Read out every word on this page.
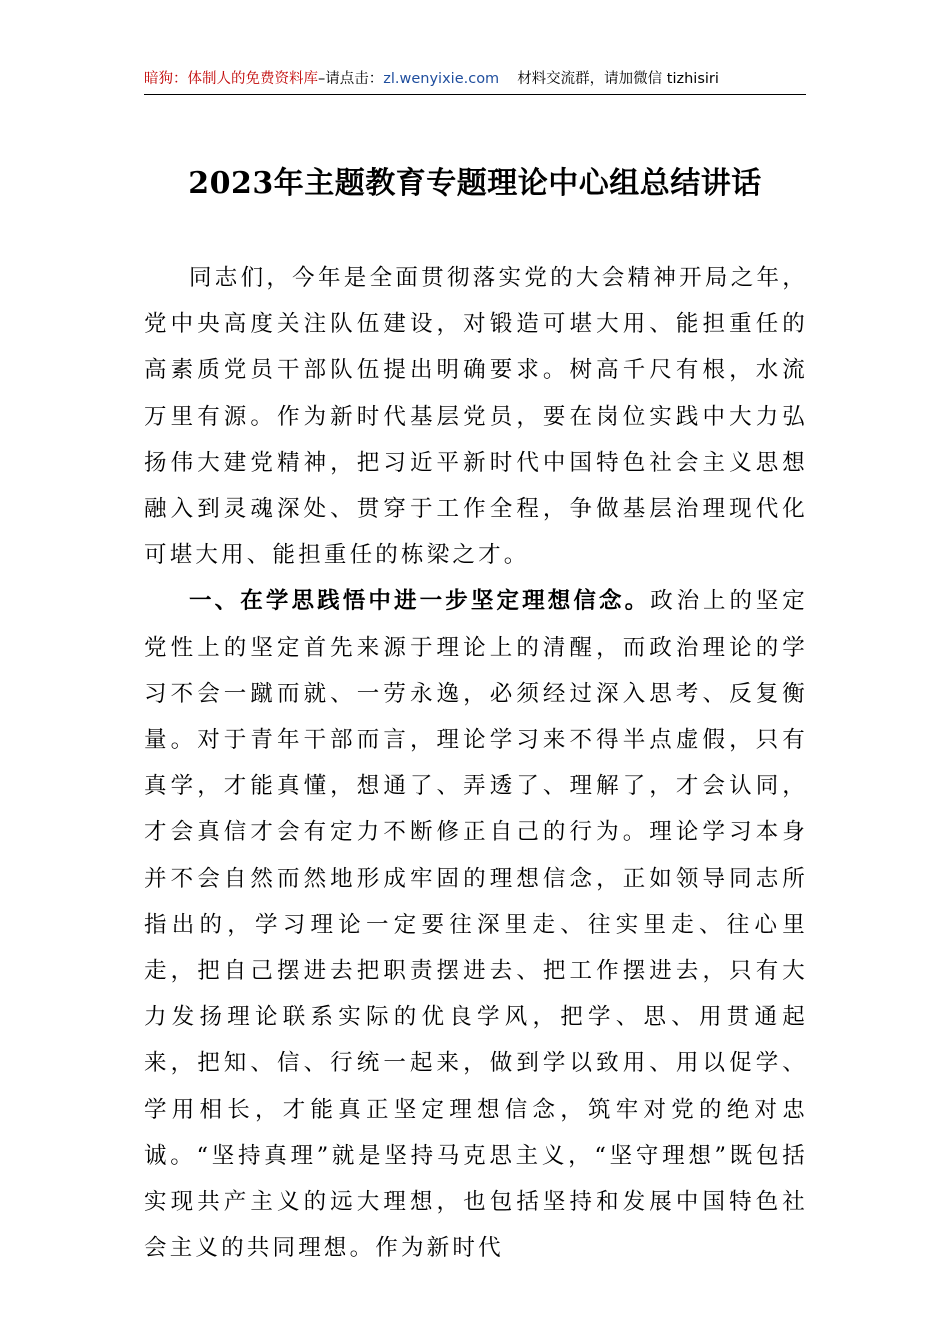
暗狗：体制人的免费资料库–请点击：zl.wenyixie.com 材料交流群，请加微信 tizhisiri
2023年主题教育专题理论中心组总结讲话

同志们，今年是全面贯彻落实党的大会精神开局之年，党中央高度关注队伍建设，对锻造可堪大用、能担重任的高素质党员干部队伍提出明确要求。树高千尺有根，水流万里有源。作为新时代基层党员，要在岗位实践中大力弘扬伟大建党精神，把习近平新时代中国特色社会主义思想融入到灵魂深处、贯穿于工作全程，争做基层治理现代化可堪大用、能担重任的栋梁之才。

一、在学思践悟中进一步坚定理想信念。政治上的坚定党性上的坚定首先来源于理论上的清醒，而政治理论的学习不会一蹴而就、一劳永逸，必须经过深入思考、反复衡量。对于青年干部而言，理论学习来不得半点虚假，只有真学，才能真懂，想通了、弄透了、理解了，才会认同，才会真信才会有定力不断修正自己的行为。理论学习本身并不会自然而然地形成牢固的理想信念，正如领导同志所指出的，学习理论一定要往深里走、往实里走、往心里走，把自己摆进去把职责摆进去、把工作摆进去，只有大力发扬理论联系实际的优良学风，把学、思、用贯通起来，把知、信、行统一起来，做到学以致用、用以促学、学用相长，才能真正坚定理想信念，筑牢对党的绝对忠诚。“坚持真理”就是坚持马克思主义，“坚守理想”既包括实现共产主义的远大理想，也包括坚持和发展中国特色社会主义的共同理想。作为新时代
